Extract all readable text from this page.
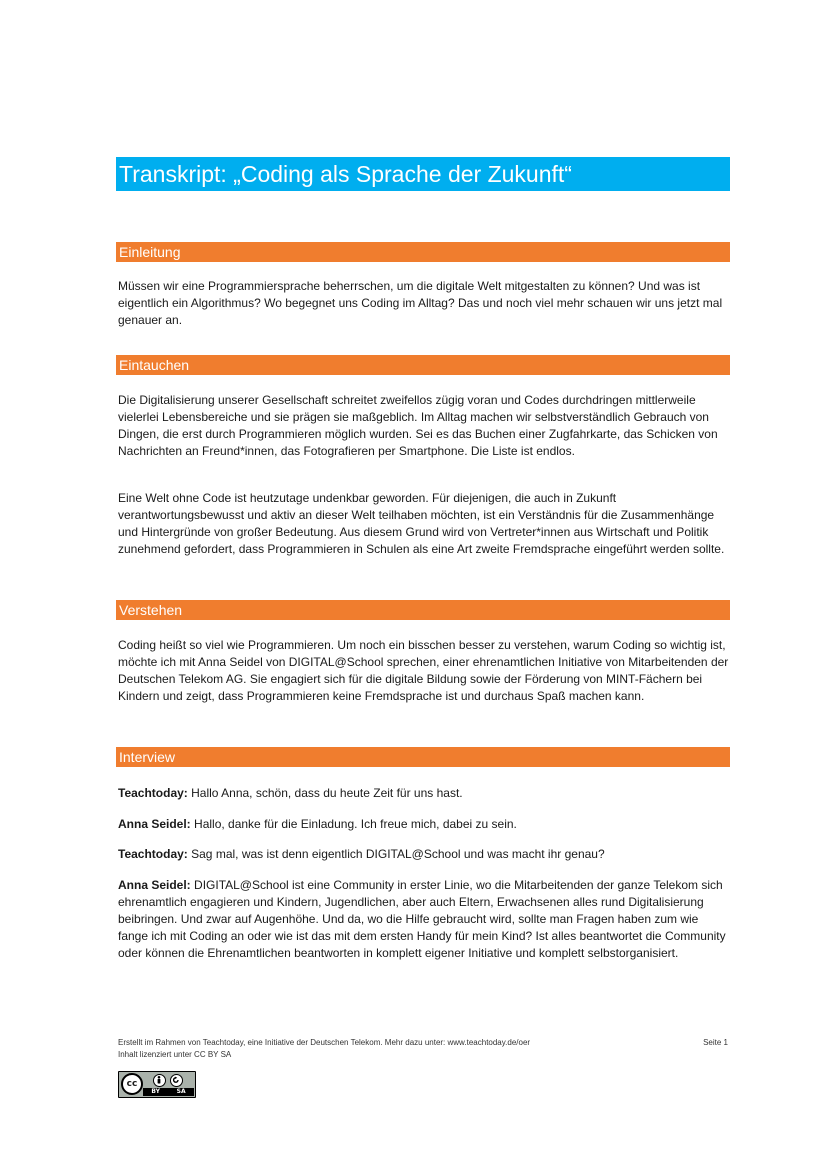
Transkript: „Coding als Sprache der Zukunft“
Einleitung

Müssen wir eine Programmiersprache beherrschen, um die digitale Welt mitgestalten zu können? Und was ist eigentlich ein Algorithmus? Wo begegnet uns Coding im Alltag? Das und noch viel mehr schauen wir uns jetzt mal genauer an.

Eintauchen

Die Digitalisierung unserer Gesellschaft schreitet zweifellos zügig voran und Codes durchdringen mittlerweile vielerlei Lebensbereiche und sie prägen sie maßgeblich. Im Alltag machen wir selbstverständlich Gebrauch von Dingen, die erst durch Programmieren möglich wurden. Sei es das Buchen einer Zugfahrkarte, das Schicken von Nachrichten an Freund*innen, das Fotografieren per Smartphone. Die Liste ist endlos.

Eine Welt ohne Code ist heutzutage undenkbar geworden. Für diejenigen, die auch in Zukunft verantwortungsbewusst und aktiv an dieser Welt teilhaben möchten, ist ein Verständnis für die Zusammenhänge und Hintergründe von großer Bedeutung. Aus diesem Grund wird von Vertreter*innen aus Wirtschaft und Politik zunehmend gefordert, dass Programmieren in Schulen als eine Art zweite Fremdsprache eingeführt werden sollte.

Verstehen

Coding heißt so viel wie Programmieren. Um noch ein bisschen besser zu verstehen, warum Coding so wichtig ist, möchte ich mit Anna Seidel von DIGITAL@School sprechen, einer ehrenamtlichen Initiative von Mitarbeitenden der Deutschen Telekom AG. Sie engagiert sich für die digitale Bildung sowie der Förderung von MINT-Fächern bei Kindern und zeigt, dass Programmieren keine Fremdsprache ist und durchaus Spaß machen kann.

Interview

Teachtoday: Hallo Anna, schön, dass du heute Zeit für uns hast.

Anna Seidel: Hallo, danke für die Einladung. Ich freue mich, dabei zu sein.

Teachtoday: Sag mal, was ist denn eigentlich DIGITAL@School und was macht ihr genau?

Anna Seidel: DIGITAL@School ist eine Community in erster Linie, wo die Mitarbeitenden der ganze Telekom sich ehrenamtlich engagieren und Kindern, Jugendlichen, aber auch Eltern, Erwachsenen alles rund Digitalisierung beibringen. Und zwar auf Augenhöhe. Und da, wo die Hilfe gebraucht wird, sollte man Fragen haben zum wie fange ich mit Coding an oder wie ist das mit dem ersten Handy für mein Kind? Ist alles beantwortet die Community oder können die Ehrenamtlichen beantworten in komplett eigener Initiative und komplett selbstorganisiert.

Erstellt im Rahmen von Teachtoday, eine Initiative der Deutschen Telekom. Mehr dazu unter: www.teachtoday.de/oer
Inhalt lizenziert unter CC BY SA
Seite 1
cc
BY	SA
